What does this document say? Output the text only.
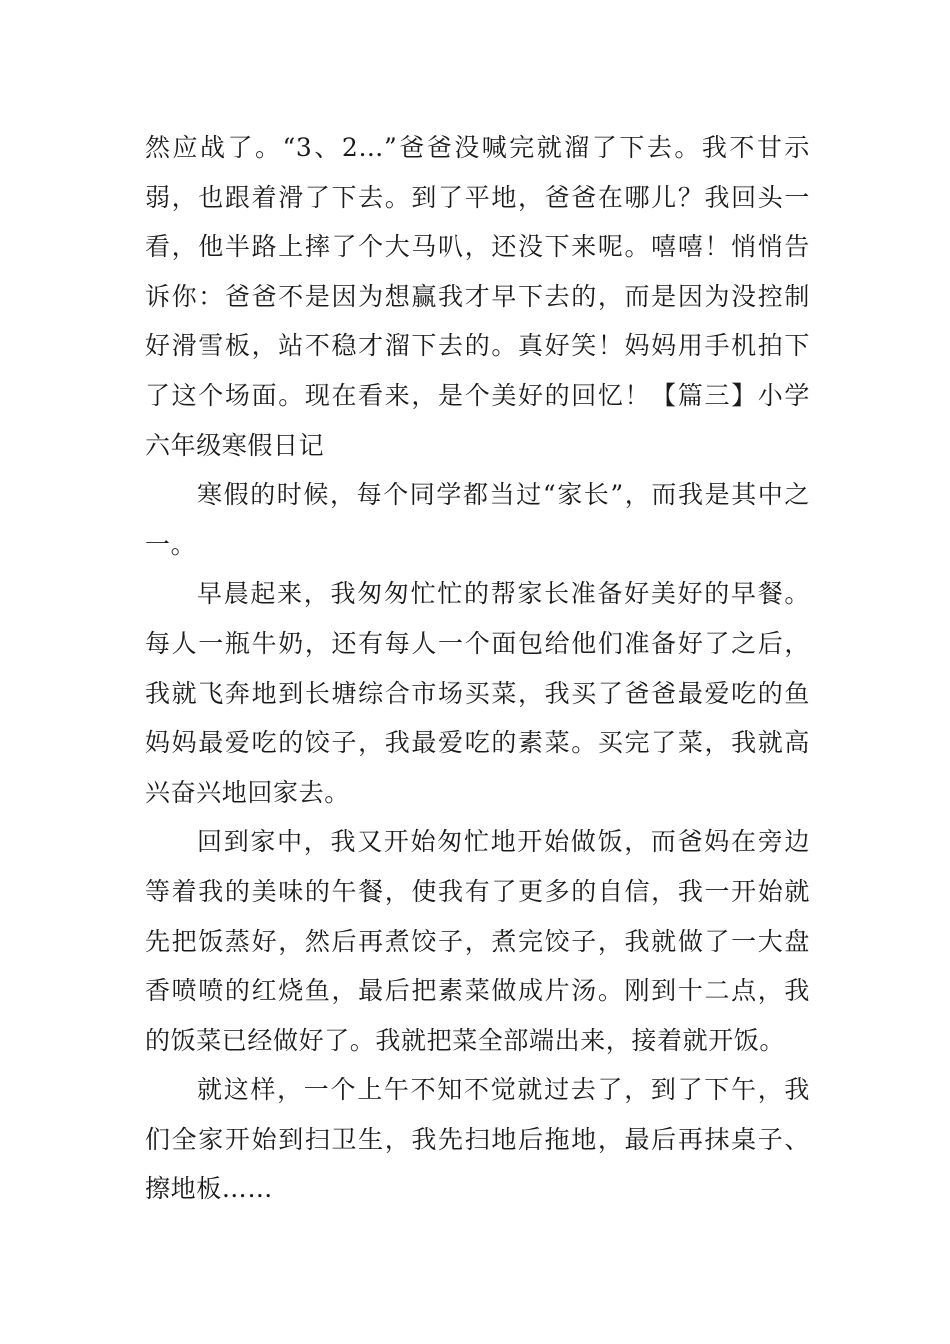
然应战了。“3、2…”爸爸没喊完就溜了下去。我不甘示弱，也跟着滑了下去。到了平地，爸爸在哪儿？我回头一看，他半路上摔了个大马叭，还没下来呢。嘻嘻！悄悄告诉你：爸爸不是因为想赢我才早下去的，而是因为没控制好滑雪板，站不稳才溜下去的。真好笑！妈妈用手机拍下了这个场面。现在看来，是个美好的回忆！【篇三】小学六年级寒假日记

寒假的时候，每个同学都当过“家长”，而我是其中之一。

早晨起来，我匆匆忙忙的帮家长准备好美好的早餐。每人一瓶牛奶，还有每人一个面包给他们准备好了之后，我就飞奔地到长塘综合市场买菜，我买了爸爸最爱吃的鱼妈妈最爱吃的饺子，我最爱吃的素菜。买完了菜，我就高兴奋兴地回家去。

回到家中，我又开始匆忙地开始做饭，而爸妈在旁边等着我的美味的午餐，使我有了更多的自信，我一开始就先把饭蒸好，然后再煮饺子，煮完饺子，我就做了一大盘香喷喷的红烧鱼，最后把素菜做成片汤。刚到十二点，我的饭菜已经做好了。我就把菜全部端出来，接着就开饭。

就这样，一个上午不知不觉就过去了，到了下午，我们全家开始到扫卫生，我先扫地后拖地，最后再抹桌子、擦地板……
